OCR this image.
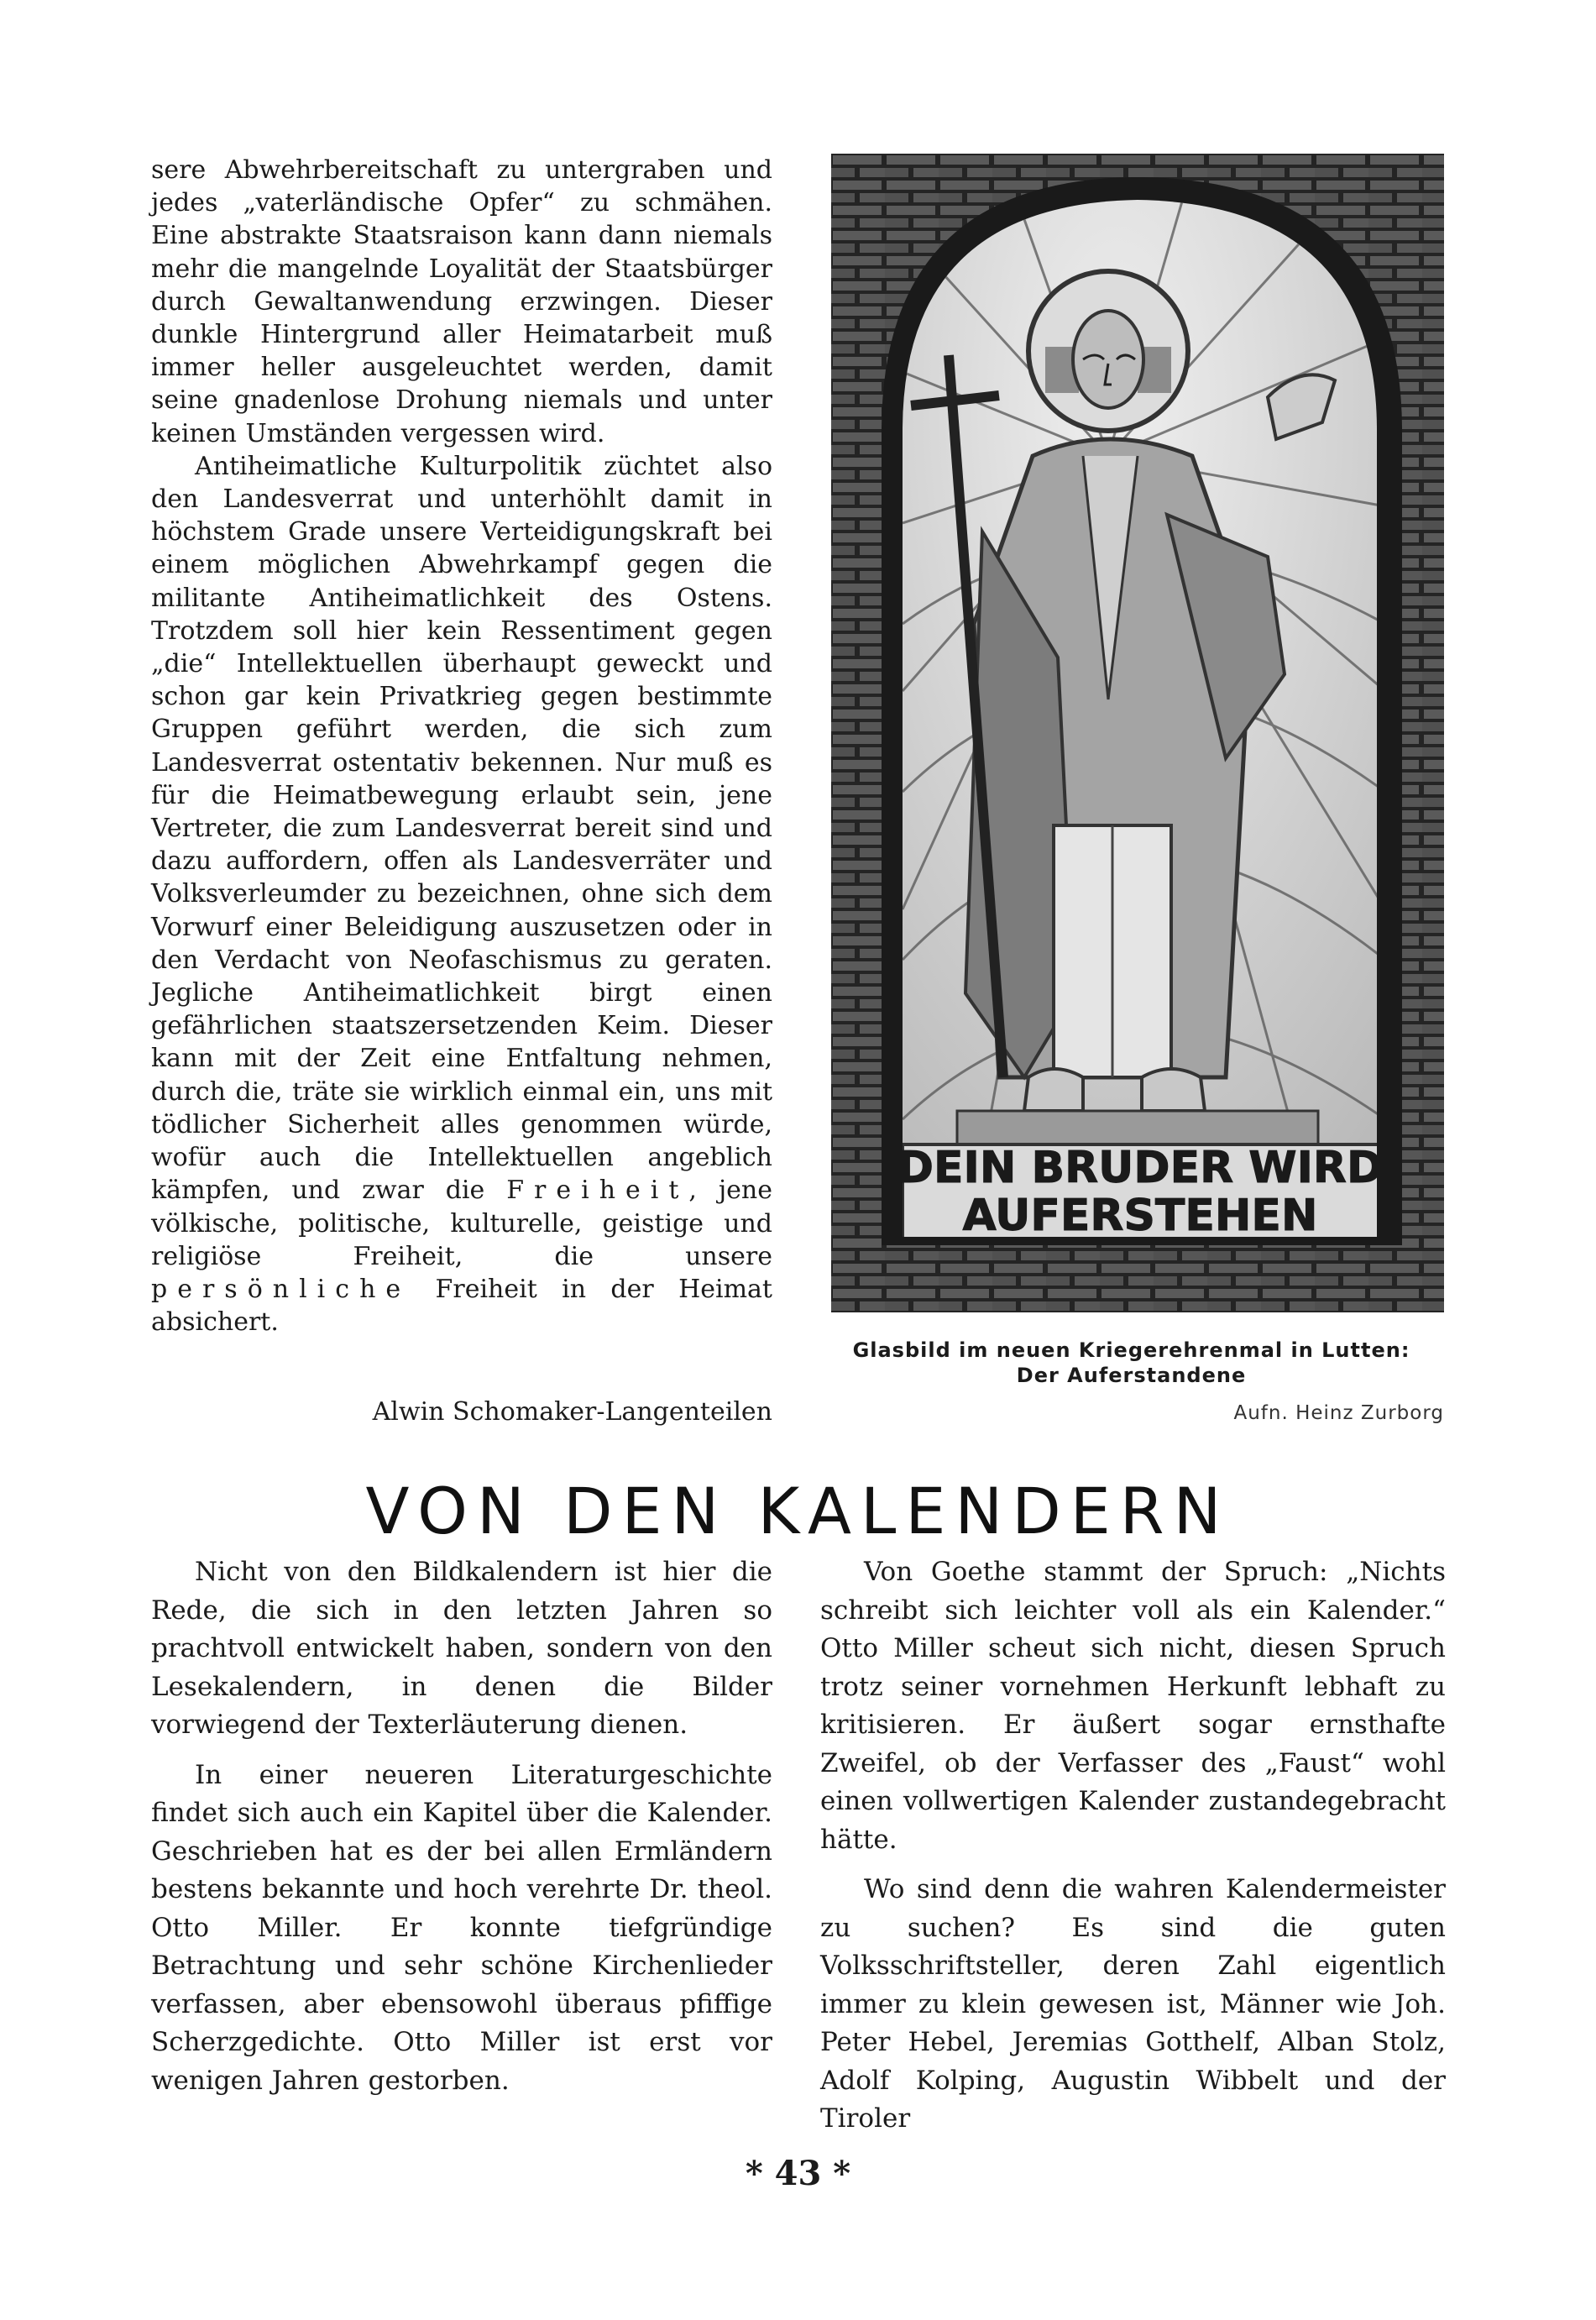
sere Abwehrbereitschaft zu untergraben und jedes „vaterländische Opfer“ zu schmähen. Eine abstrakte Staatsraison kann dann niemals mehr die mangelnde Loyalität der Staatsbürger durch Gewaltanwendung erzwingen. Dieser dunkle Hintergrund aller Heimatarbeit muß immer heller ausgeleuchtet werden, damit seine gnadenlose Drohung niemals und unter keinen Umständen vergessen wird.

Antiheimatliche Kulturpolitik züchtet also den Landesverrat und unterhöhlt damit in höchstem Grade unsere Verteidigungskraft bei einem möglichen Abwehrkampf gegen die militante Antiheimatlichkeit des Ostens. Trotzdem soll hier kein Ressentiment gegen „die“ Intellektuellen überhaupt geweckt und schon gar kein Privatkrieg gegen bestimmte Gruppen geführt werden, die sich zum Landesverrat ostentativ bekennen. Nur muß es für die Heimatbewegung erlaubt sein, jene Vertreter, die zum Landesverrat bereit sind und dazu auffordern, offen als Landesverräter und Volksverleumder zu bezeichnen, ohne sich dem Vorwurf einer Beleidigung auszusetzen oder in den Verdacht von Neofaschismus zu geraten. Jegliche Antiheimatlichkeit birgt einen gefährlichen staatszersetzenden Keim. Dieser kann mit der Zeit eine Entfaltung nehmen, durch die, träte sie wirklich einmal ein, uns mit tödlicher Sicherheit alles genommen würde, wofür auch die Intellektuellen angeblich kämpfen, und zwar die Freiheit, jene völkische, politische, kulturelle, geistige und religiöse Freiheit, die unsere persönliche Freiheit in der Heimat absichert.

Alwin Schomaker-Langenteilen
DEIN BRUDER WIRD
AUFERSTEHEN
Glasbild im neuen Kriegerehrenmal in Lutten:
Der Auferstandene
Aufn. Heinz Zurborg
VON DEN KALENDERN

Nicht von den Bildkalendern ist hier die Rede, die sich in den letzten Jahren so prachtvoll entwickelt haben, sondern von den Lesekalendern, in denen die Bilder vorwiegend der Texterläuterung dienen.

In einer neueren Literaturgeschichte findet sich auch ein Kapitel über die Kalender. Geschrieben hat es der bei allen Ermländern bestens bekannte und hoch verehrte Dr. theol. Otto Miller. Er konnte tiefgründige Betrachtung und sehr schöne Kirchenlieder verfassen, aber ebensowohl überaus pfiffige Scherzgedichte. Otto Miller ist erst vor wenigen Jahren gestorben.

Von Goethe stammt der Spruch: „Nichts schreibt sich leichter voll als ein Kalender.“ Otto Miller scheut sich nicht, diesen Spruch trotz seiner vornehmen Herkunft lebhaft zu kritisieren. Er äußert sogar ernsthafte Zweifel, ob der Verfasser des „Faust“ wohl einen vollwertigen Kalender zustandegebracht hätte.

Wo sind denn die wahren Kalendermeister zu suchen? Es sind die guten Volksschriftsteller, deren Zahl eigentlich immer zu klein gewesen ist, Männer wie Joh. Peter Hebel, Jeremias Gotthelf, Alban Stolz, Adolf Kolping, Augustin Wibbelt und der Tiroler

* 43 *
